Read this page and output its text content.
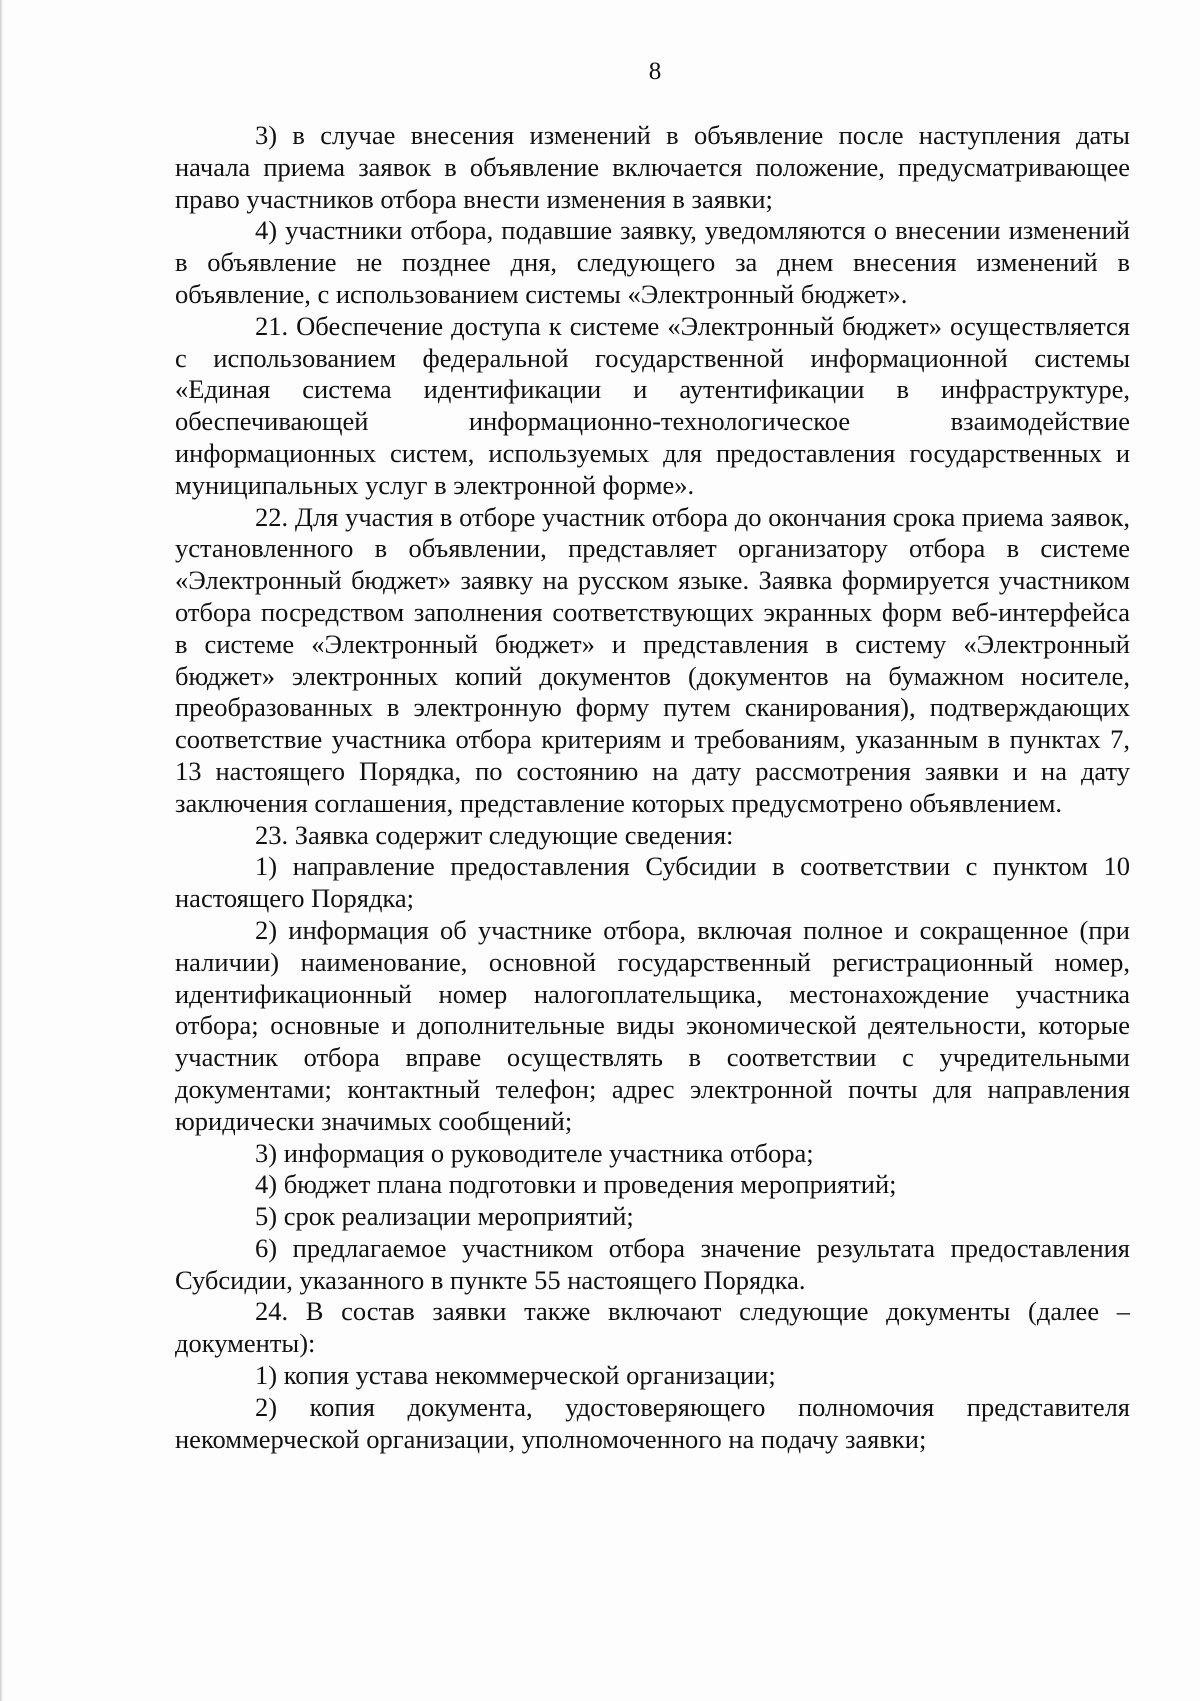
8

3) в случае внесения изменений в объявление после наступления даты начала приема заявок в объявление включается положение, предусматривающее право участников отбора внести изменения в заявки;

4) участники отбора, подавшие заявку, уведомляются о внесении изменений в объявление не позднее дня, следующего за днем внесения изменений в объявление, с использованием системы «Электронный бюджет».

21. Обеспечение доступа к системе «Электронный бюджет» осуществляется с использованием федеральной государственной информационной системы «Единая система идентификации и аутентификации в инфраструктуре, обеспечивающей информационно-технологическое взаимодействие информационных систем, используемых для предоставления государственных и муниципальных услуг в электронной форме».

22. Для участия в отборе участник отбора до окончания срока приема заявок, установленного в объявлении, представляет организатору отбора в системе «Электронный бюджет» заявку на русском языке. Заявка формируется участником отбора посредством заполнения соответствующих экранных форм веб-интерфейса в системе «Электронный бюджет» и представления в систему «Электронный бюджет» электронных копий документов (документов на бумажном носителе, преобразованных в электронную форму путем сканирования), подтверждающих соответствие участника отбора критериям и требованиям, указанным в пунктах 7, 13 настоящего Порядка, по состоянию на дату рассмотрения заявки и на дату заключения соглашения, представление которых предусмотрено объявлением.

23. Заявка содержит следующие сведения:

1) направление предоставления Субсидии в соответствии с пунктом 10 настоящего Порядка;

2) информация об участнике отбора, включая полное и сокращенное (при наличии) наименование, основной государственный регистрационный номер, идентификационный номер налогоплательщика, местонахождение участника отбора; основные и дополнительные виды экономической деятельности, которые участник отбора вправе осуществлять в соответствии с учредительными документами; контактный телефон; адрес электронной почты для направления юридически значимых сообщений;

3) информация о руководителе участника отбора;

4) бюджет плана подготовки и проведения мероприятий;

5) срок реализации мероприятий;

6) предлагаемое участником отбора значение результата предоставления Субсидии, указанного в пункте 55 настоящего Порядка.

24. В состав заявки также включают следующие документы (далее – документы):

1) копия устава некоммерческой организации;

2) копия документа, удостоверяющего полномочия представителя некоммерческой организации, уполномоченного на подачу заявки;
